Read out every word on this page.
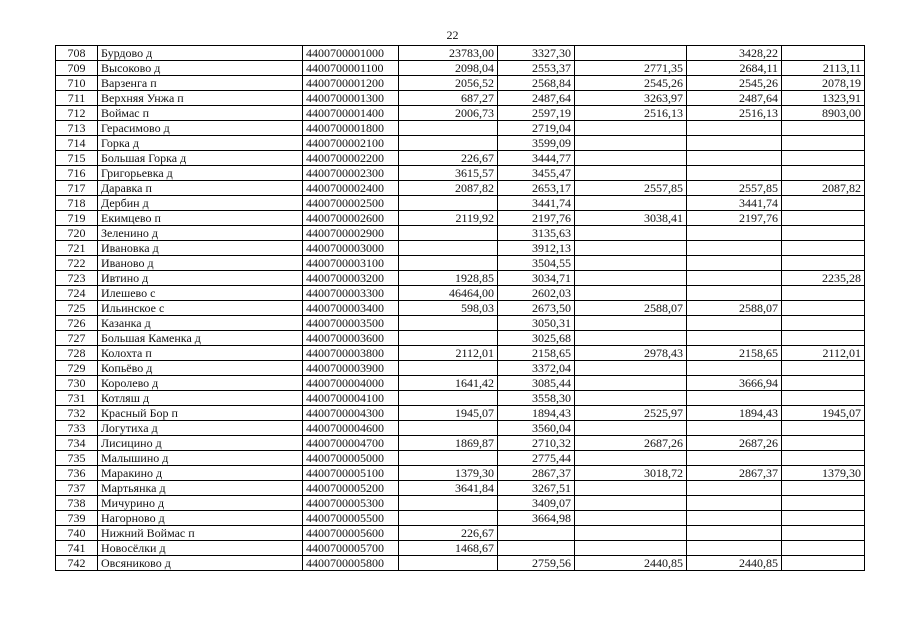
22
708	Бурдово д	4400700001000	23783,00	3327,30		3428,22	
709	Высоково д	4400700001100	2098,04	2553,37	2771,35	2684,11	2113,11
710	Варзенга п	4400700001200	2056,52	2568,84	2545,26	2545,26	2078,19
711	Верхняя Унжа п	4400700001300	687,27	2487,64	3263,97	2487,64	1323,91
712	Воймас п	4400700001400	2006,73	2597,19	2516,13	2516,13	8903,00
713	Герасимово д	4400700001800		2719,04			
714	Горка д	4400700002100		3599,09			
715	Большая Горка д	4400700002200	226,67	3444,77			
716	Григорьевка д	4400700002300	3615,57	3455,47			
717	Даравка п	4400700002400	2087,82	2653,17	2557,85	2557,85	2087,82
718	Дербин д	4400700002500		3441,74		3441,74	
719	Екимцево п	4400700002600	2119,92	2197,76	3038,41	2197,76	
720	Зеленино д	4400700002900		3135,63			
721	Ивановка д	4400700003000		3912,13			
722	Иваново д	4400700003100		3504,55			
723	Ивтино д	4400700003200	1928,85	3034,71			2235,28
724	Илешево с	4400700003300	46464,00	2602,03			
725	Ильинское с	4400700003400	598,03	2673,50	2588,07	2588,07	
726	Казанка д	4400700003500		3050,31			
727	Большая Каменка д	4400700003600		3025,68			
728	Колохта п	4400700003800	2112,01	2158,65	2978,43	2158,65	2112,01
729	Копьёво д	4400700003900		3372,04			
730	Королево д	4400700004000	1641,42	3085,44		3666,94	
731	Котляш д	4400700004100		3558,30			
732	Красный Бор п	4400700004300	1945,07	1894,43	2525,97	1894,43	1945,07
733	Логутиха д	4400700004600		3560,04			
734	Лисицино д	4400700004700	1869,87	2710,32	2687,26	2687,26	
735	Малышино д	4400700005000		2775,44			
736	Маракино д	4400700005100	1379,30	2867,37	3018,72	2867,37	1379,30
737	Мартьянка д	4400700005200	3641,84	3267,51			
738	Мичурино д	4400700005300		3409,07			
739	Нагорново д	4400700005500		3664,98			
740	Нижний Воймас п	4400700005600	226,67				
741	Новосёлки д	4400700005700	1468,67				
742	Овсяниково д	4400700005800		2759,56	2440,85	2440,85	
